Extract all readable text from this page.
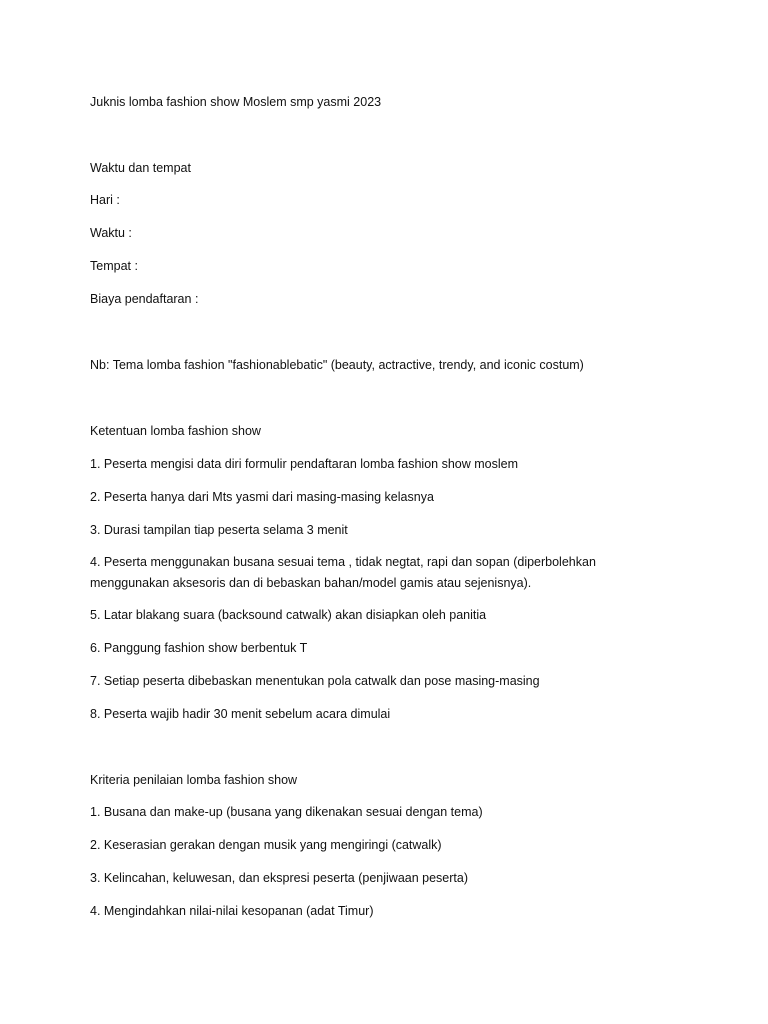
Juknis lomba fashion show Moslem smp yasmi 2023
Waktu dan tempat
Hari :
Waktu :
Tempat :
Biaya pendaftaran :
Nb: Tema lomba fashion "fashionablebatic" (beauty, actractive, trendy, and iconic costum)
Ketentuan lomba fashion show
1. Peserta mengisi data diri formulir pendaftaran lomba fashion show moslem
2. Peserta hanya dari Mts yasmi dari masing-masing kelasnya
3. Durasi tampilan tiap peserta selama 3 menit
4. Peserta menggunakan busana sesuai tema , tidak negtat, rapi dan sopan (diperbolehkan menggunakan aksesoris dan di bebaskan bahan/model gamis atau sejenisnya).
5. Latar blakang suara (backsound catwalk) akan disiapkan oleh panitia
6. Panggung fashion show berbentuk T
7. Setiap peserta dibebaskan menentukan pola catwalk dan pose masing-masing
8. Peserta wajib hadir 30 menit sebelum acara dimulai
Kriteria penilaian lomba fashion show
1. Busana dan make-up (busana yang dikenakan sesuai dengan tema)
2. Keserasian gerakan dengan musik yang mengiringi (catwalk)
3. Kelincahan, keluwesan, dan ekspresi peserta (penjiwaan peserta)
4. Mengindahkan nilai-nilai kesopanan (adat Timur)
